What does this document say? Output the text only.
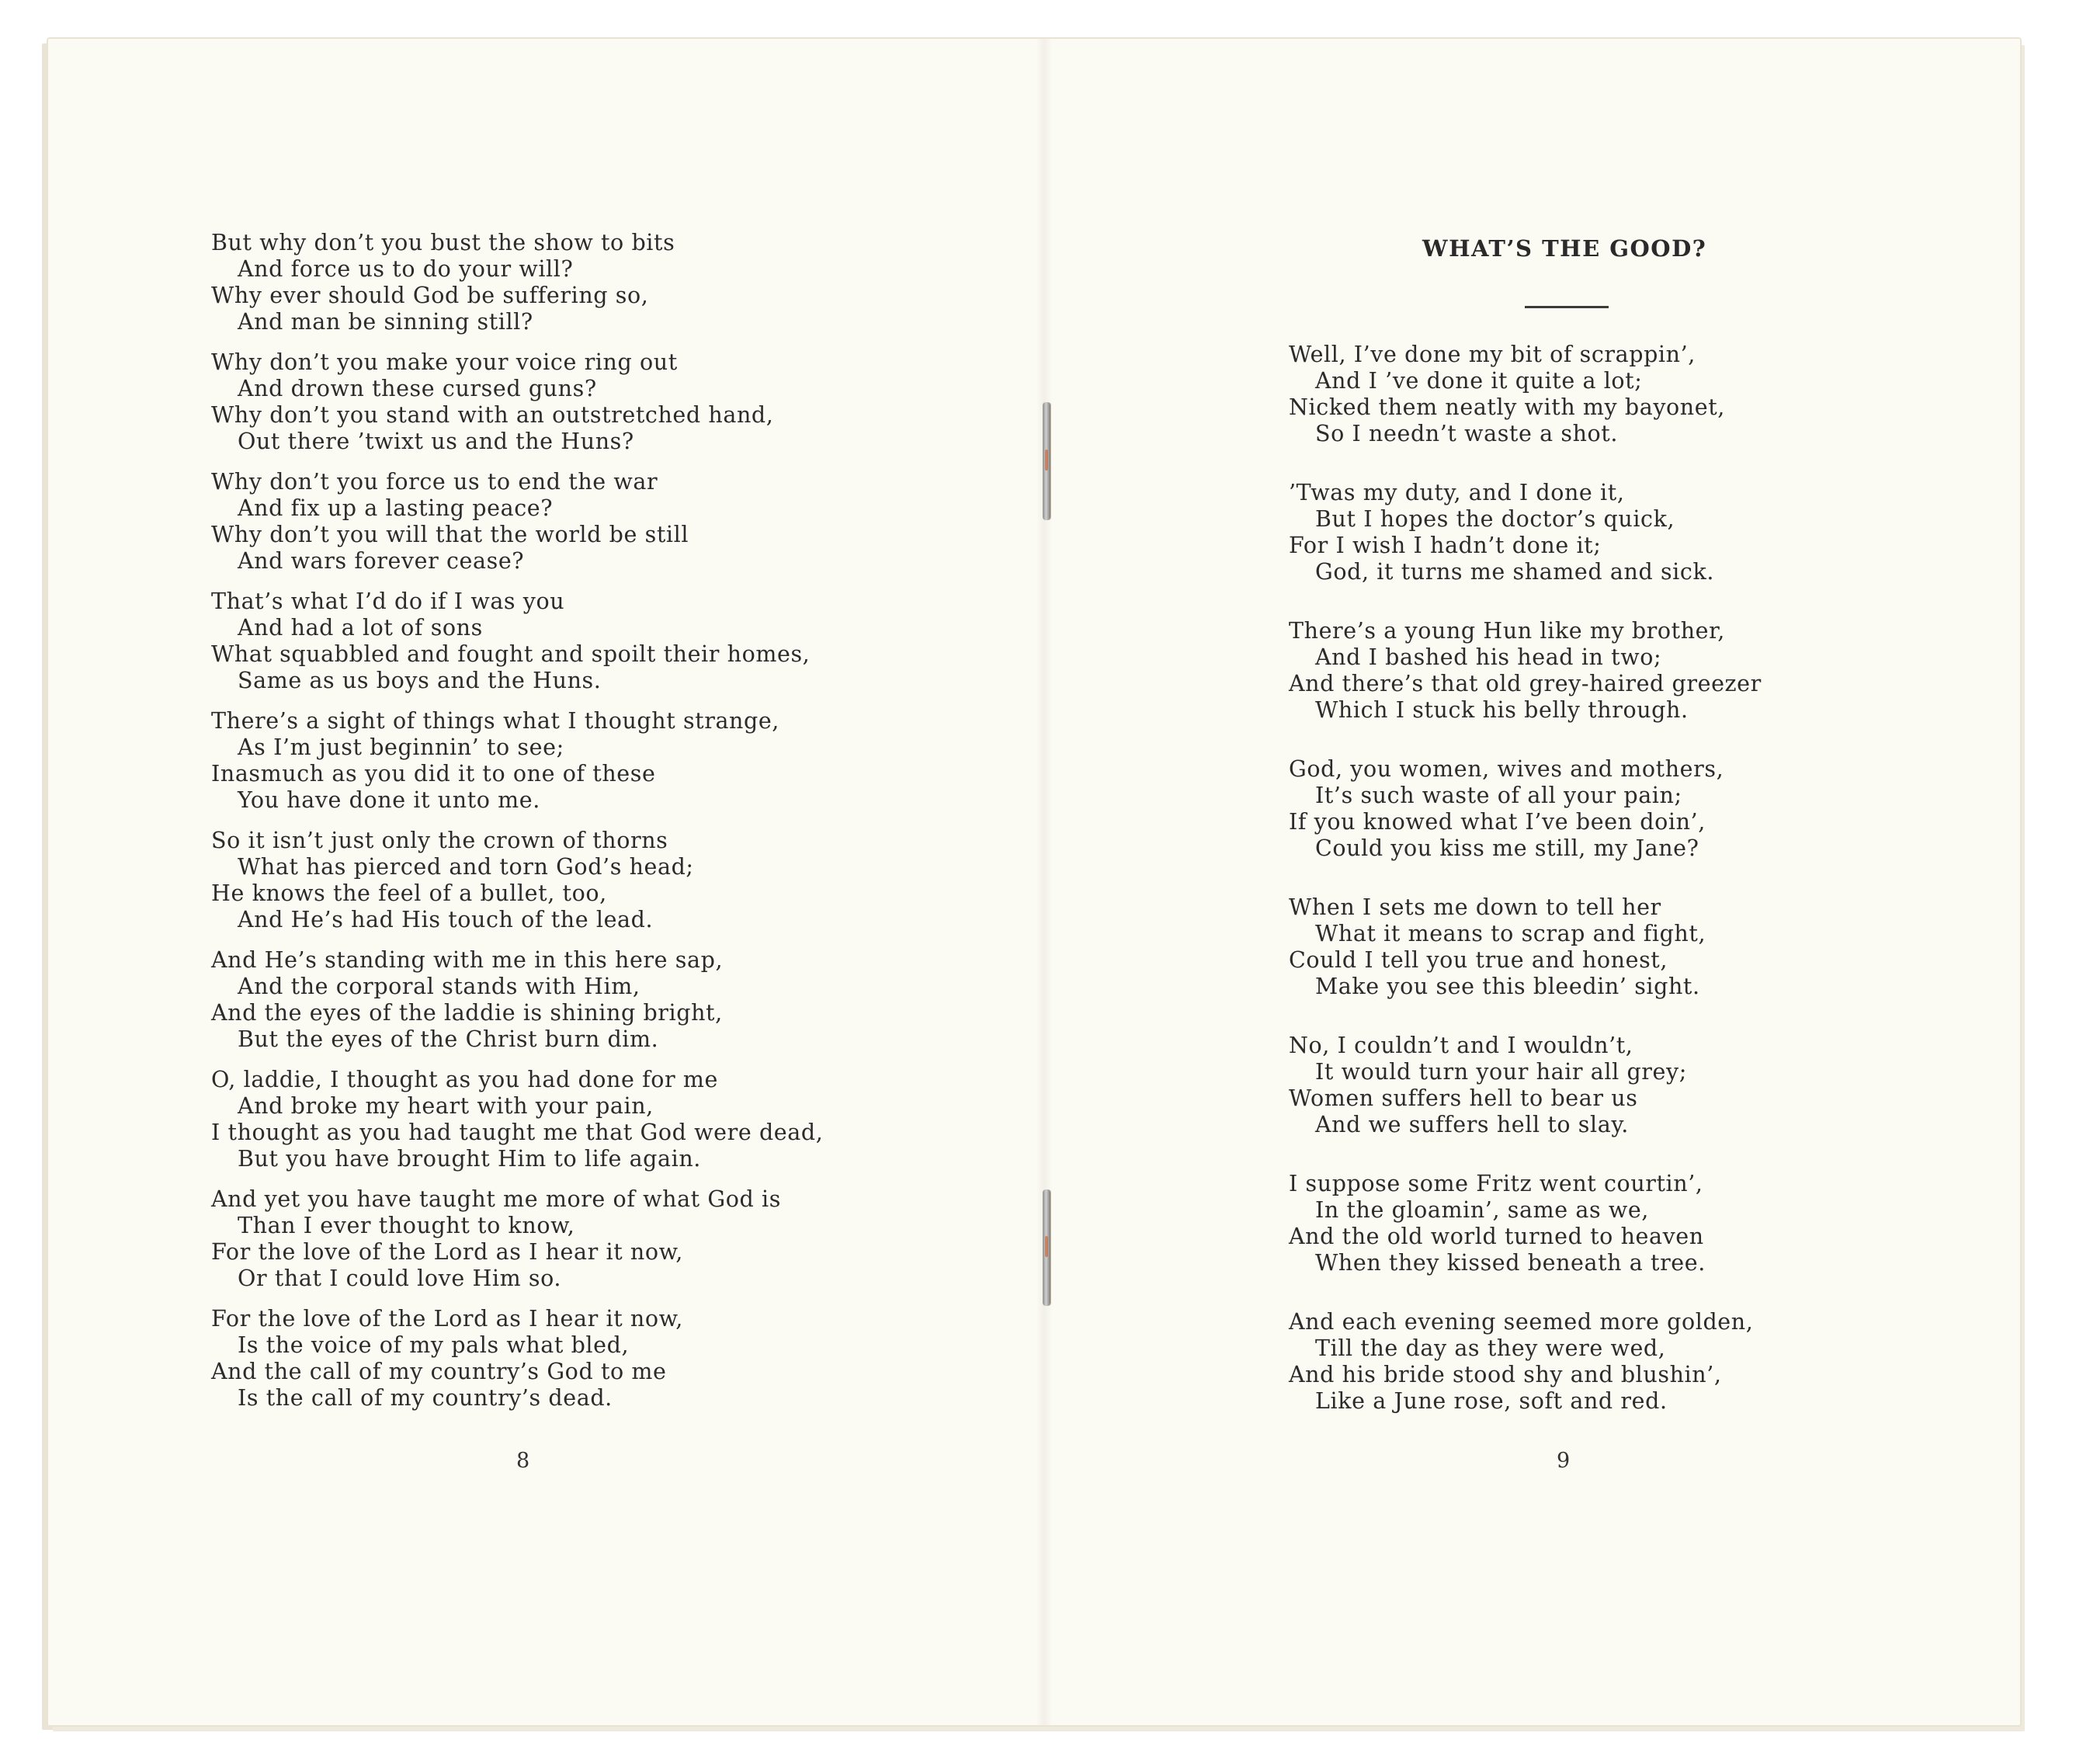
But why don’t you bust the show to bits
And force us to do your will?
Why ever should God be suffering so,
And man be sinning still?

Why don’t you make your voice ring out
And drown these cursed guns?
Why don’t you stand with an outstretched hand,
Out there ’twixt us and the Huns?

Why don’t you force us to end the war
And fix up a lasting peace?
Why don’t you will that the world be still
And wars forever cease?

That’s what I’d do if I was you
And had a lot of sons
What squabbled and fought and spoilt their homes,
Same as us boys and the Huns.

There’s a sight of things what I thought strange,
As I’m just beginnin’ to see;
Inasmuch as you did it to one of these
You have done it unto me.

So it isn’t just only the crown of thorns
What has pierced and torn God’s head;
He knows the feel of a bullet, too,
And He’s had His touch of the lead.

And He’s standing with me in this here sap,
And the corporal stands with Him,
And the eyes of the laddie is shining bright,
But the eyes of the Christ burn dim.

O, laddie, I thought as you had done for me
And broke my heart with your pain,
I thought as you had taught me that God were dead,
But you have brought Him to life again.

And yet you have taught me more of what God is
Than I ever thought to know,
For the love of the Lord as I hear it now,
Or that I could love Him so.

For the love of the Lord as I hear it now,
Is the voice of my pals what bled,
And the call of my country’s God to me
Is the call of my country’s dead.

8
WHAT’S THE GOOD?

Well, I’ve done my bit of scrappin’,
And I ’ve done it quite a lot;
Nicked them neatly with my bayonet,
So I needn’t waste a shot.

’Twas my duty, and I done it,
But I hopes the doctor’s quick,
For I wish I hadn’t done it;
God, it turns me shamed and sick.

There’s a young Hun like my brother,
And I bashed his head in two;
And there’s that old grey-haired greezer
Which I stuck his belly through.

God, you women, wives and mothers,
It’s such waste of all your pain;
If you knowed what I’ve been doin’,
Could you kiss me still, my Jane?

When I sets me down to tell her
What it means to scrap and fight,
Could I tell you true and honest,
Make you see this bleedin’ sight.

No, I couldn’t and I wouldn’t,
It would turn your hair all grey;
Women suffers hell to bear us
And we suffers hell to slay.

I suppose some Fritz went courtin’,
In the gloamin’, same as we,
And the old world turned to heaven
When they kissed beneath a tree.

And each evening seemed more golden,
Till the day as they were wed,
And his bride stood shy and blushin’,
Like a June rose, soft and red.

9
